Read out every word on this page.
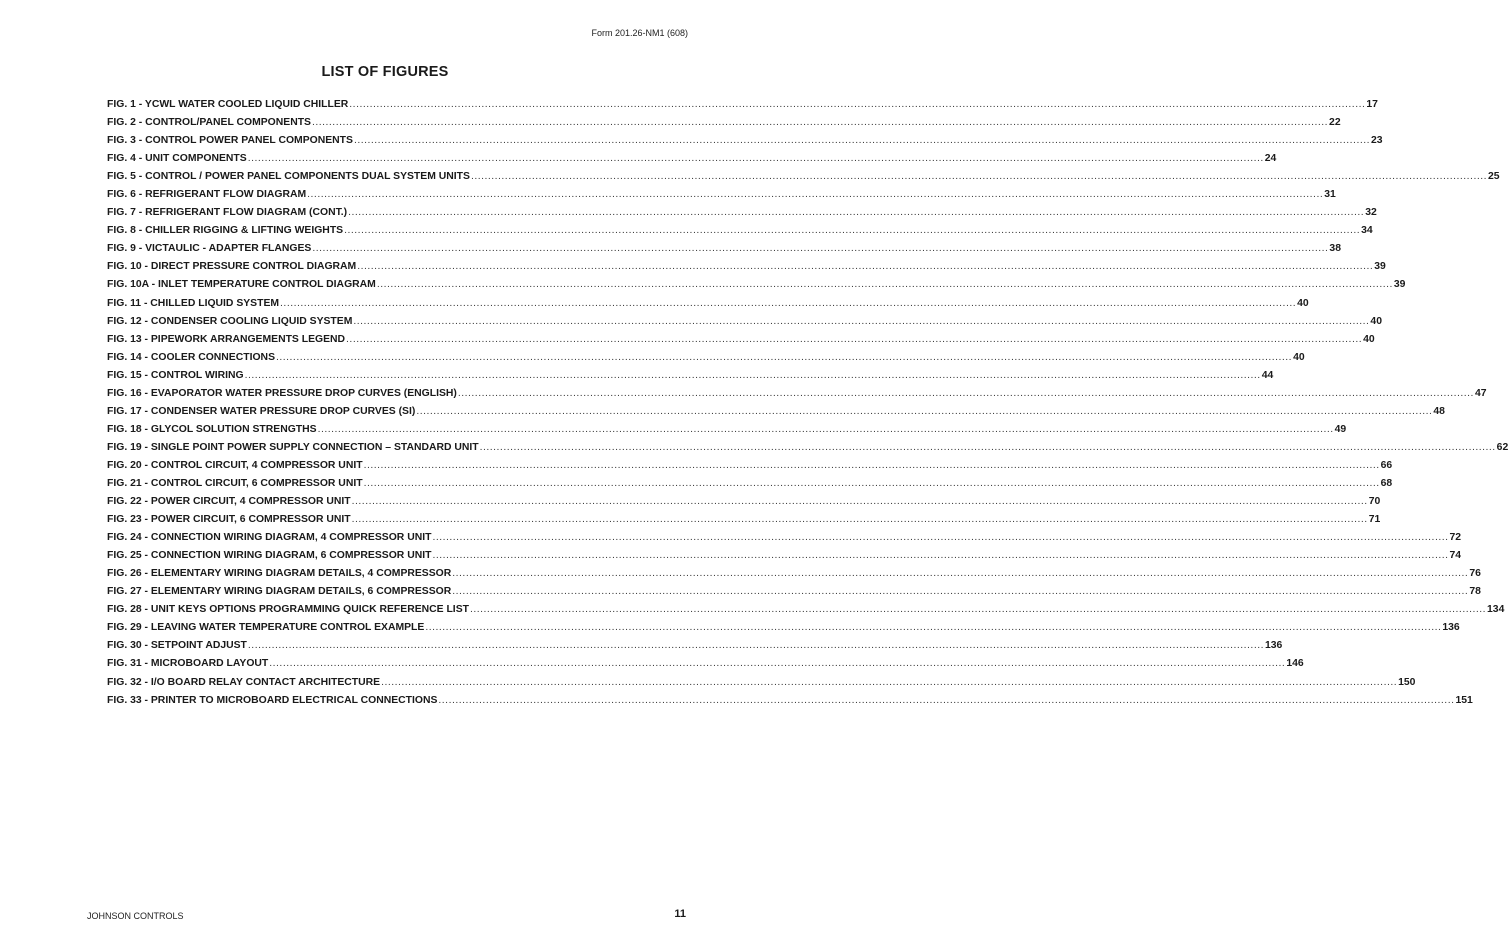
Form 201.26-NM1 (608)
LIST OF FIGURES
FIG. 1 - YCWL WATER COOLED LIQUID CHILLER ............................................................................................................................................................................................................................................................................................................ 17
FIG. 2 - CONTROL/PANEL COMPONENTS ............................................................................................................................................................................................................................................................................................................ 22
FIG. 3 - CONTROL POWER PANEL COMPONENTS ............................................................................................................................................................................................................................................................................................................ 23
FIG. 4 - UNIT COMPONENTS ............................................................................................................................................................................................................................................................................................................ 24
FIG. 5 - CONTROL / POWER PANEL COMPONENTS DUAL SYSTEM UNITS ............................................................................................................................................................................................................................................................................................................ 25
FIG. 6 - REFRIGERANT FLOW DIAGRAM ............................................................................................................................................................................................................................................................................................................ 31
FIG. 7 - REFRIGERANT FLOW DIAGRAM (CONT.) ............................................................................................................................................................................................................................................................................................................ 32
FIG. 8 - CHILLER RIGGING & LIFTING WEIGHTS ............................................................................................................................................................................................................................................................................................................ 34
FIG. 9 - VICTAULIC - ADAPTER FLANGES ............................................................................................................................................................................................................................................................................................................ 38
FIG. 10 - DIRECT PRESSURE CONTROL DIAGRAM ............................................................................................................................................................................................................................................................................................................ 39
FIG. 10A - INLET TEMPERATURE CONTROL DIAGRAM ............................................................................................................................................................................................................................................................................................................ 39
FIG. 11 - CHILLED LIQUID SYSTEM ............................................................................................................................................................................................................................................................................................................ 40
FIG. 12 - CONDENSER COOLING LIQUID SYSTEM ............................................................................................................................................................................................................................................................................................................ 40
FIG. 13 - PIPEWORK ARRANGEMENTS LEGEND ............................................................................................................................................................................................................................................................................................................ 40
FIG. 14 - COOLER CONNECTIONS ............................................................................................................................................................................................................................................................................................................ 40
FIG. 15 - CONTROL WIRING ............................................................................................................................................................................................................................................................................................................ 44
FIG. 16 - EVAPORATOR WATER PRESSURE DROP CURVES (ENGLISH) ............................................................................................................................................................................................................................................................................................................ 47
FIG. 17 - CONDENSER WATER PRESSURE DROP CURVES (SI) ............................................................................................................................................................................................................................................................................................................ 48
FIG. 18 - GLYCOL SOLUTION STRENGTHS ............................................................................................................................................................................................................................................................................................................ 49
FIG. 19 - SINGLE POINT POWER SUPPLY CONNECTION – STANDARD UNIT ............................................................................................................................................................................................................................................................................................................ 62
FIG. 20 - CONTROL CIRCUIT, 4 COMPRESSOR UNIT ............................................................................................................................................................................................................................................................................................................ 66
FIG. 21 - CONTROL CIRCUIT, 6 COMPRESSOR UNIT ............................................................................................................................................................................................................................................................................................................ 68
FIG. 22 - POWER CIRCUIT, 4 COMPRESSOR UNIT ............................................................................................................................................................................................................................................................................................................ 70
FIG. 23 - POWER CIRCUIT, 6 COMPRESSOR UNIT ............................................................................................................................................................................................................................................................................................................ 71
FIG. 24 - CONNECTION WIRING DIAGRAM, 4 COMPRESSOR UNIT ............................................................................................................................................................................................................................................................................................................ 72
FIG. 25 - CONNECTION WIRING DIAGRAM, 6 COMPRESSOR UNIT ............................................................................................................................................................................................................................................................................................................ 74
FIG. 26 - ELEMENTARY WIRING DIAGRAM DETAILS, 4 COMPRESSOR ............................................................................................................................................................................................................................................................................................................ 76
FIG. 27 - ELEMENTARY WIRING DIAGRAM DETAILS, 6 COMPRESSOR ............................................................................................................................................................................................................................................................................................................ 78
FIG. 28 - UNIT KEYS OPTIONS PROGRAMMING QUICK REFERENCE LIST ............................................................................................................................................................................................................................................................................................................ 134
FIG. 29 - LEAVING WATER TEMPERATURE CONTROL EXAMPLE ............................................................................................................................................................................................................................................................................................................ 136
FIG. 30 - SETPOINT ADJUST ............................................................................................................................................................................................................................................................................................................ 136
FIG. 31 - MICROBOARD LAYOUT ............................................................................................................................................................................................................................................................................................................ 146
FIG. 32 - I/O BOARD RELAY CONTACT ARCHITECTURE ............................................................................................................................................................................................................................................................................................................ 150
FIG. 33 - PRINTER TO MICROBOARD ELECTRICAL CONNECTIONS ............................................................................................................................................................................................................................................................................................................ 151
JOHNSON CONTROLS	11
